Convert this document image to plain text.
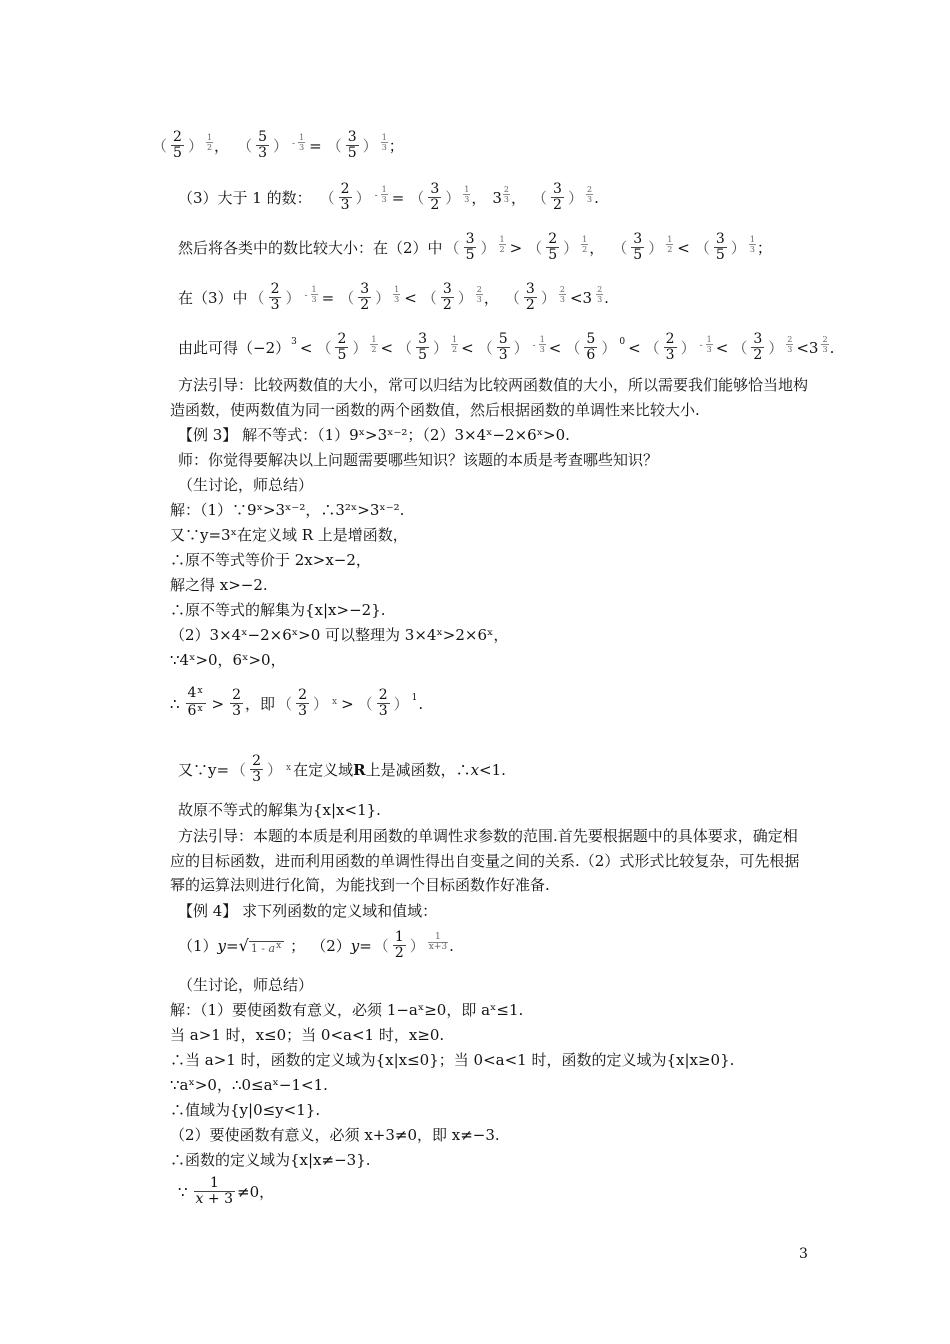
（ $\frac{2}{5}$ ） $\frac{1}{2}$ ， （ $\frac{5}{3}$ ） - $\frac{1}{3}$ = （ $\frac{3}{5}$ ） $\frac{1}{3}$ ；
（3）大于 1 的数： （ $\frac{2}{3}$ ） - $\frac{1}{3}$ = （ $\frac{3}{2}$ ） $\frac{1}{3}$ ， $3 \frac{2}{3}$ ， （ $\frac{3}{2}$ ） $\frac{2}{3}$ .
然后将各类中的数比较大小：在（2）中 （ $\frac{3}{5}$ ） $\frac{1}{2}$ > （ $\frac{2}{5}$ ） $\frac{1}{2}$ ， （ $\frac{3}{5}$ ） $\frac{1}{2}$ < （ $\frac{3}{5}$ ） $\frac{1}{3}$ ；
在（3）中 （ $\frac{2}{3}$ ） - $\frac{1}{3}$ = （ $\frac{3}{2}$ ） $\frac{1}{3}$ < （ $\frac{3}{2}$ ） $\frac{2}{3}$ ， （ $\frac{3}{2}$ ） $\frac{2}{3} <3 \frac{2}{3}$ .
由此可得 （−2） 3 < （ $\frac{2}{5}$ ） $\frac{1}{2}$ < （ $\frac{3}{5}$ ） $\frac{1}{2}$ < （ $\frac{5}{3}$ ） - $\frac{1}{3}$ < （ $\frac{5}{6}$ ） 0 < （ $\frac{2}{3}$ ） - $\frac{1}{3}$ < （ $\frac{3}{2}$ ） $\frac{2}{3} <3 \frac{2}{3}$ .
方法引导：比较两数值的大小，常可以归结为比较两函数值的大小，所以需要我们能够恰当地构造函数，使两数值为同一函数的两个函数值，然后根据函数的单调性来比较大小.
【例 3】 解不等式：（1）9ˣ>3ˣ⁻²；（2）3×4ˣ−2×6ˣ>0.
师：你觉得要解决以上问题需要哪些知识？该题的本质是考查哪些知识？
（生讨论，师总结）
解：（1）∵9ˣ>3ˣ⁻²，∴3²ˣ>3ˣ⁻².
又∵y=3ˣ在定义域 R 上是增函数，
∴原不等式等价于 2x>x−2，
解之得 x>−2.
∴原不等式的解集为{x|x>−2}.
（2）3×4ˣ−2×6ˣ>0 可以整理为 3×4ˣ>2×6ˣ，
∵4ˣ>0，6ˣ>0，
∴ $\frac{4^x}{6^x} > \frac{2}{3}$ ，即 （ $\frac{2}{3}$ ） x > （ $\frac{2}{3}$ ） 1 .
又∵y= （ $\frac{2}{3}$ ） x 在定义域 R 上是减函数，∴ x <1.
故原不等式的解集为{x|x<1}.
方法引导：本题的本质是利用函数的单调性求参数的范围.首先要根据题中的具体要求，确定相应的目标函数，进而利用函数的单调性得出自变量之间的关系.（2）式形式比较复杂，可先根据幂的运算法则进行化简，为能找到一个目标函数作好准备.
【例 4】 求下列函数的定义域和值域：
（1） y = √ $1 - a^x$ ； （2） y = （ $\frac{1}{2}$ ） $\frac{1}{x+3}$ .
（生讨论，师总结）
解：（1）要使函数有意义，必须 1−aˣ≥0，即 aˣ≤1.
当 a>1 时，x≤0；当 0<a<1 时，x≥0.
∴当 a>1 时，函数的定义域为{x|x≤0}；当 0<a<1 时，函数的定义域为{x|x≥0}.
∵aˣ>0，∴0≤aˣ−1<1.
∴值域为{y|0≤y<1}.
（2）要使函数有意义，必须 x+3≠0，即 x≠−3.
∴函数的定义域为{x|x≠−3}.
∵ $\frac{1}{x + 3} \ne 0$，
3
